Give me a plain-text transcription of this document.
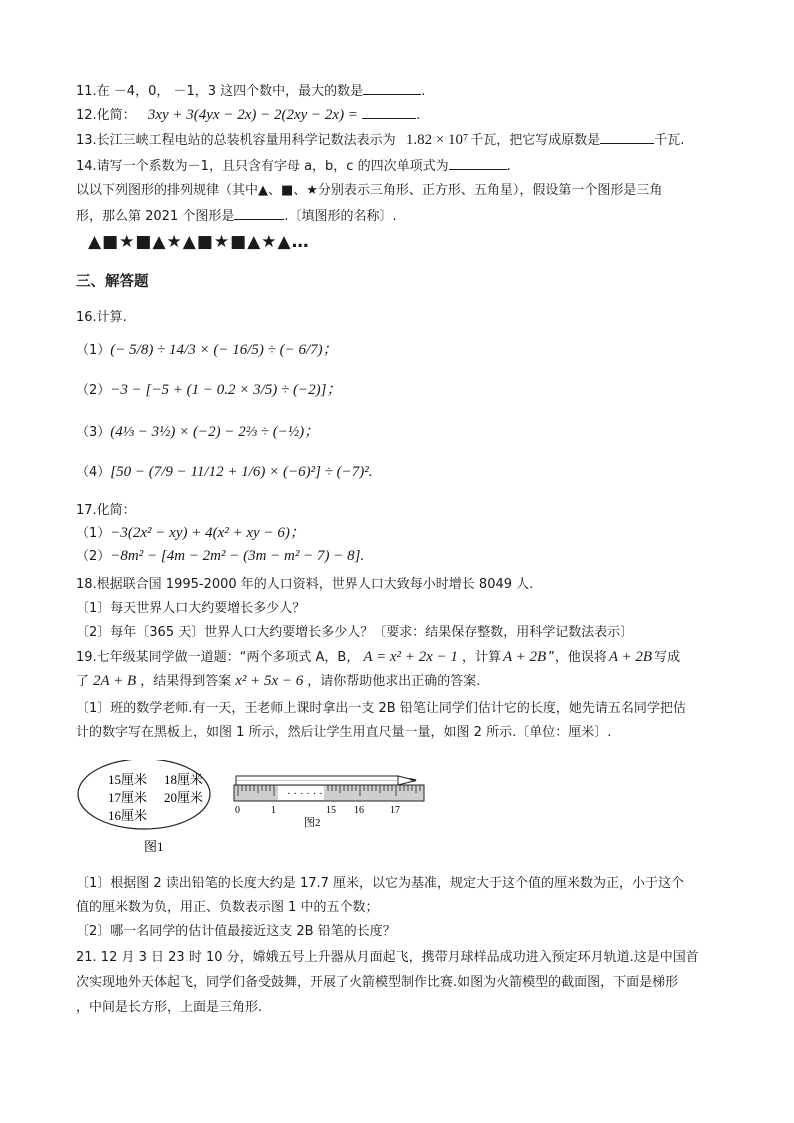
11.在 －4，0， －1，3 这四个数中，最大的数是	.
12.化简： 3xy + 3(4yx − 2x) − 2(2xy − 2x) =	.
13.长江三峡工程电站的总装机容量用科学记数法表示为 1.82 × 10⁷ 千瓦，把它写成原数是	千瓦.
14.请写一个系数为－1，且只含有字母 a，b，c 的四次单项式为	.
以以下列图形的排列规律（其中▲、■、★分别表示三角形、正方形、五角星），假设第一个图形是三角
形，那么第 2021 个图形是	.〔填图形的名称〕.
▲■★■▲★▲■★■▲★▲…
三、解答题
16.计算.
（1）(− 5/8) ÷ 14/3 × (− 16/5) ÷ (− 6/7)；
（2）−3 − [−5 + (1 − 0.2 × 3/5) ÷ (−2)]；
（3）(4⅓ − 3½) × (−2) − 2⅔ ÷ (−½)；
（4）[50 − (7/9 − 11/12 + 1/6) × (−6)²] ÷ (−7)².
17.化简：
（1）−3(2x² − xy) + 4(x² + xy − 6)；
（2）−8m² − [4m − 2m² − (3m − m² − 7) − 8].
18.根据联合国 1995-2000 年的人口资料，世界人口大致每小时增长 8049 人.
〔1〕每天世界人口大约要增长多少人？
〔2〕每年〔365 天〕世界人口大约要增长多少人？〔要求：结果保存整数，用科学记数法表示〕
19.七年级某同学做一道题：“两个多项式 A，B， A = x² + 2x − 1 ，计算 A + 2B ”，他误将 A + 2B 写成
了 2A + B ，结果得到答案 x² + 5x − 6 ，请你帮助他求出正确的答案.
〔1〕班的数学老师.有一天，王老师上课时拿出一支 2B 铅笔让同学们估计它的长度，她先请五名同学把估
计的数字写在黑板上，如图 1 所示，然后让学生用直尺量一量，如图 2 所示.〔单位：厘米〕.
15厘米 18厘米
17厘米 20厘米
16厘米
图1
· · · · · ·
0	1	15 16	17
图2
〔1〕根据图 2 读出铅笔的长度大约是 17.7 厘米，以它为基准，规定大于这个值的厘米数为正，小于这个
值的厘米数为负，用正、负数表示图 1 中的五个数；
〔2〕哪一名同学的估计值最接近这支 2B 铅笔的长度？
21. 12 月 3 日 23 时 10 分，嫦娥五号上升器从月面起飞，携带月球样品成功进入预定环月轨道.这是中国首
次实现地外天体起飞，同学们备受鼓舞，开展了火箭模型制作比赛.如图为火箭模型的截面图，下面是梯形
，中间是长方形，上面是三角形.
